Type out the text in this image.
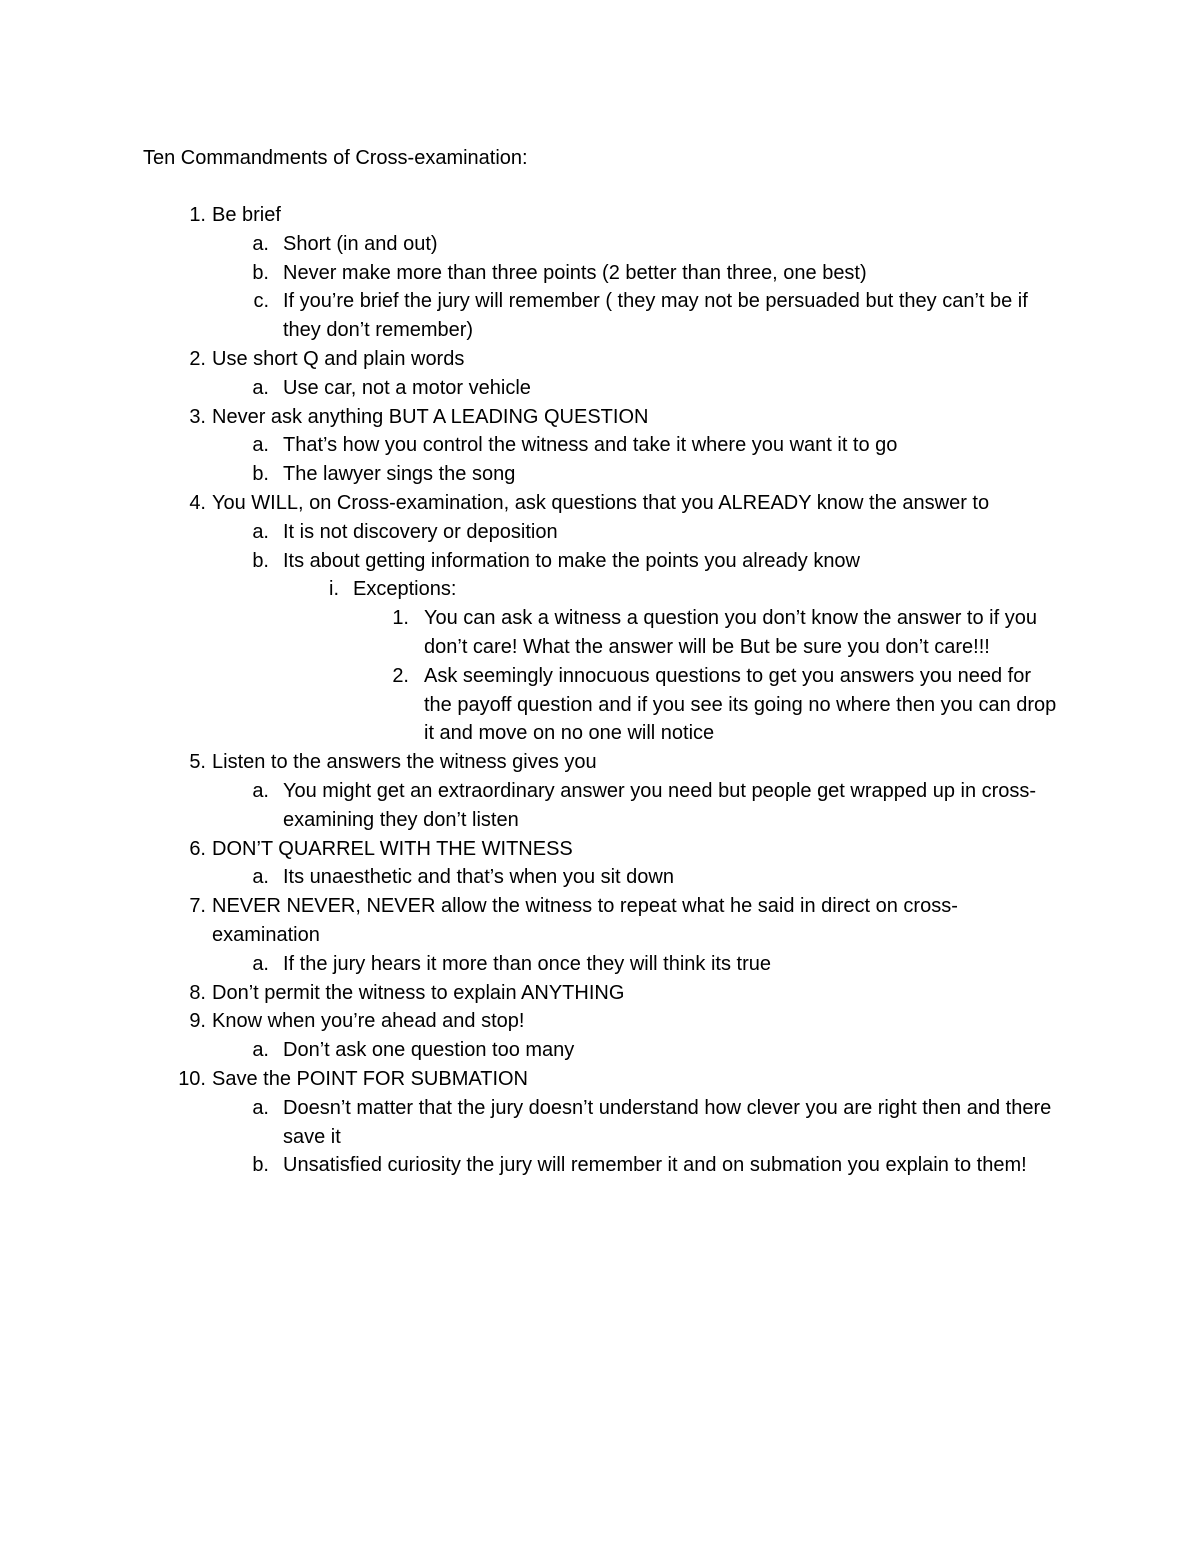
Ten Commandments of Cross-examination:
1. Be brief
a. Short (in and out)
b. Never make more than three points (2 better than three, one best)
c. If you’re brief the jury will remember ( they may not be persuaded but they can’t be if they don’t remember)
2. Use short Q and plain words
a. Use car, not a motor vehicle
3. Never ask anything BUT A LEADING QUESTION
a. That’s how you control the witness and take it where you want it to go
b. The lawyer sings the song
4. You WILL, on Cross-examination, ask questions that you ALREADY know the answer to
a. It is not discovery or deposition
b. Its about getting information to make the points you already know
i. Exceptions:
1. You can ask a witness a question you don’t know the answer to if you don’t care! What the answer will be But be sure you don’t care!!!
2. Ask seemingly innocuous questions to get you answers you need for the payoff question and if you see its going no where then you can drop it and move on no one will notice
5. Listen to the answers the witness gives you
a. You might get an extraordinary answer you need but people get wrapped up in cross-examining they don’t listen
6. DON’T QUARREL WITH THE WITNESS
a. Its unaesthetic and that’s when you sit down
7. NEVER NEVER, NEVER allow the witness to repeat what he said in direct on cross-examination
a. If the jury hears it more than once they will think its true
8. Don’t permit the witness to explain ANYTHING
9. Know when you’re ahead and stop!
a. Don’t ask one question too many
10. Save the POINT FOR SUBMATION
a. Doesn’t matter that the jury doesn’t understand how clever you are right then and there save it
b. Unsatisfied curiosity the jury will remember it and on submation you explain to them!
